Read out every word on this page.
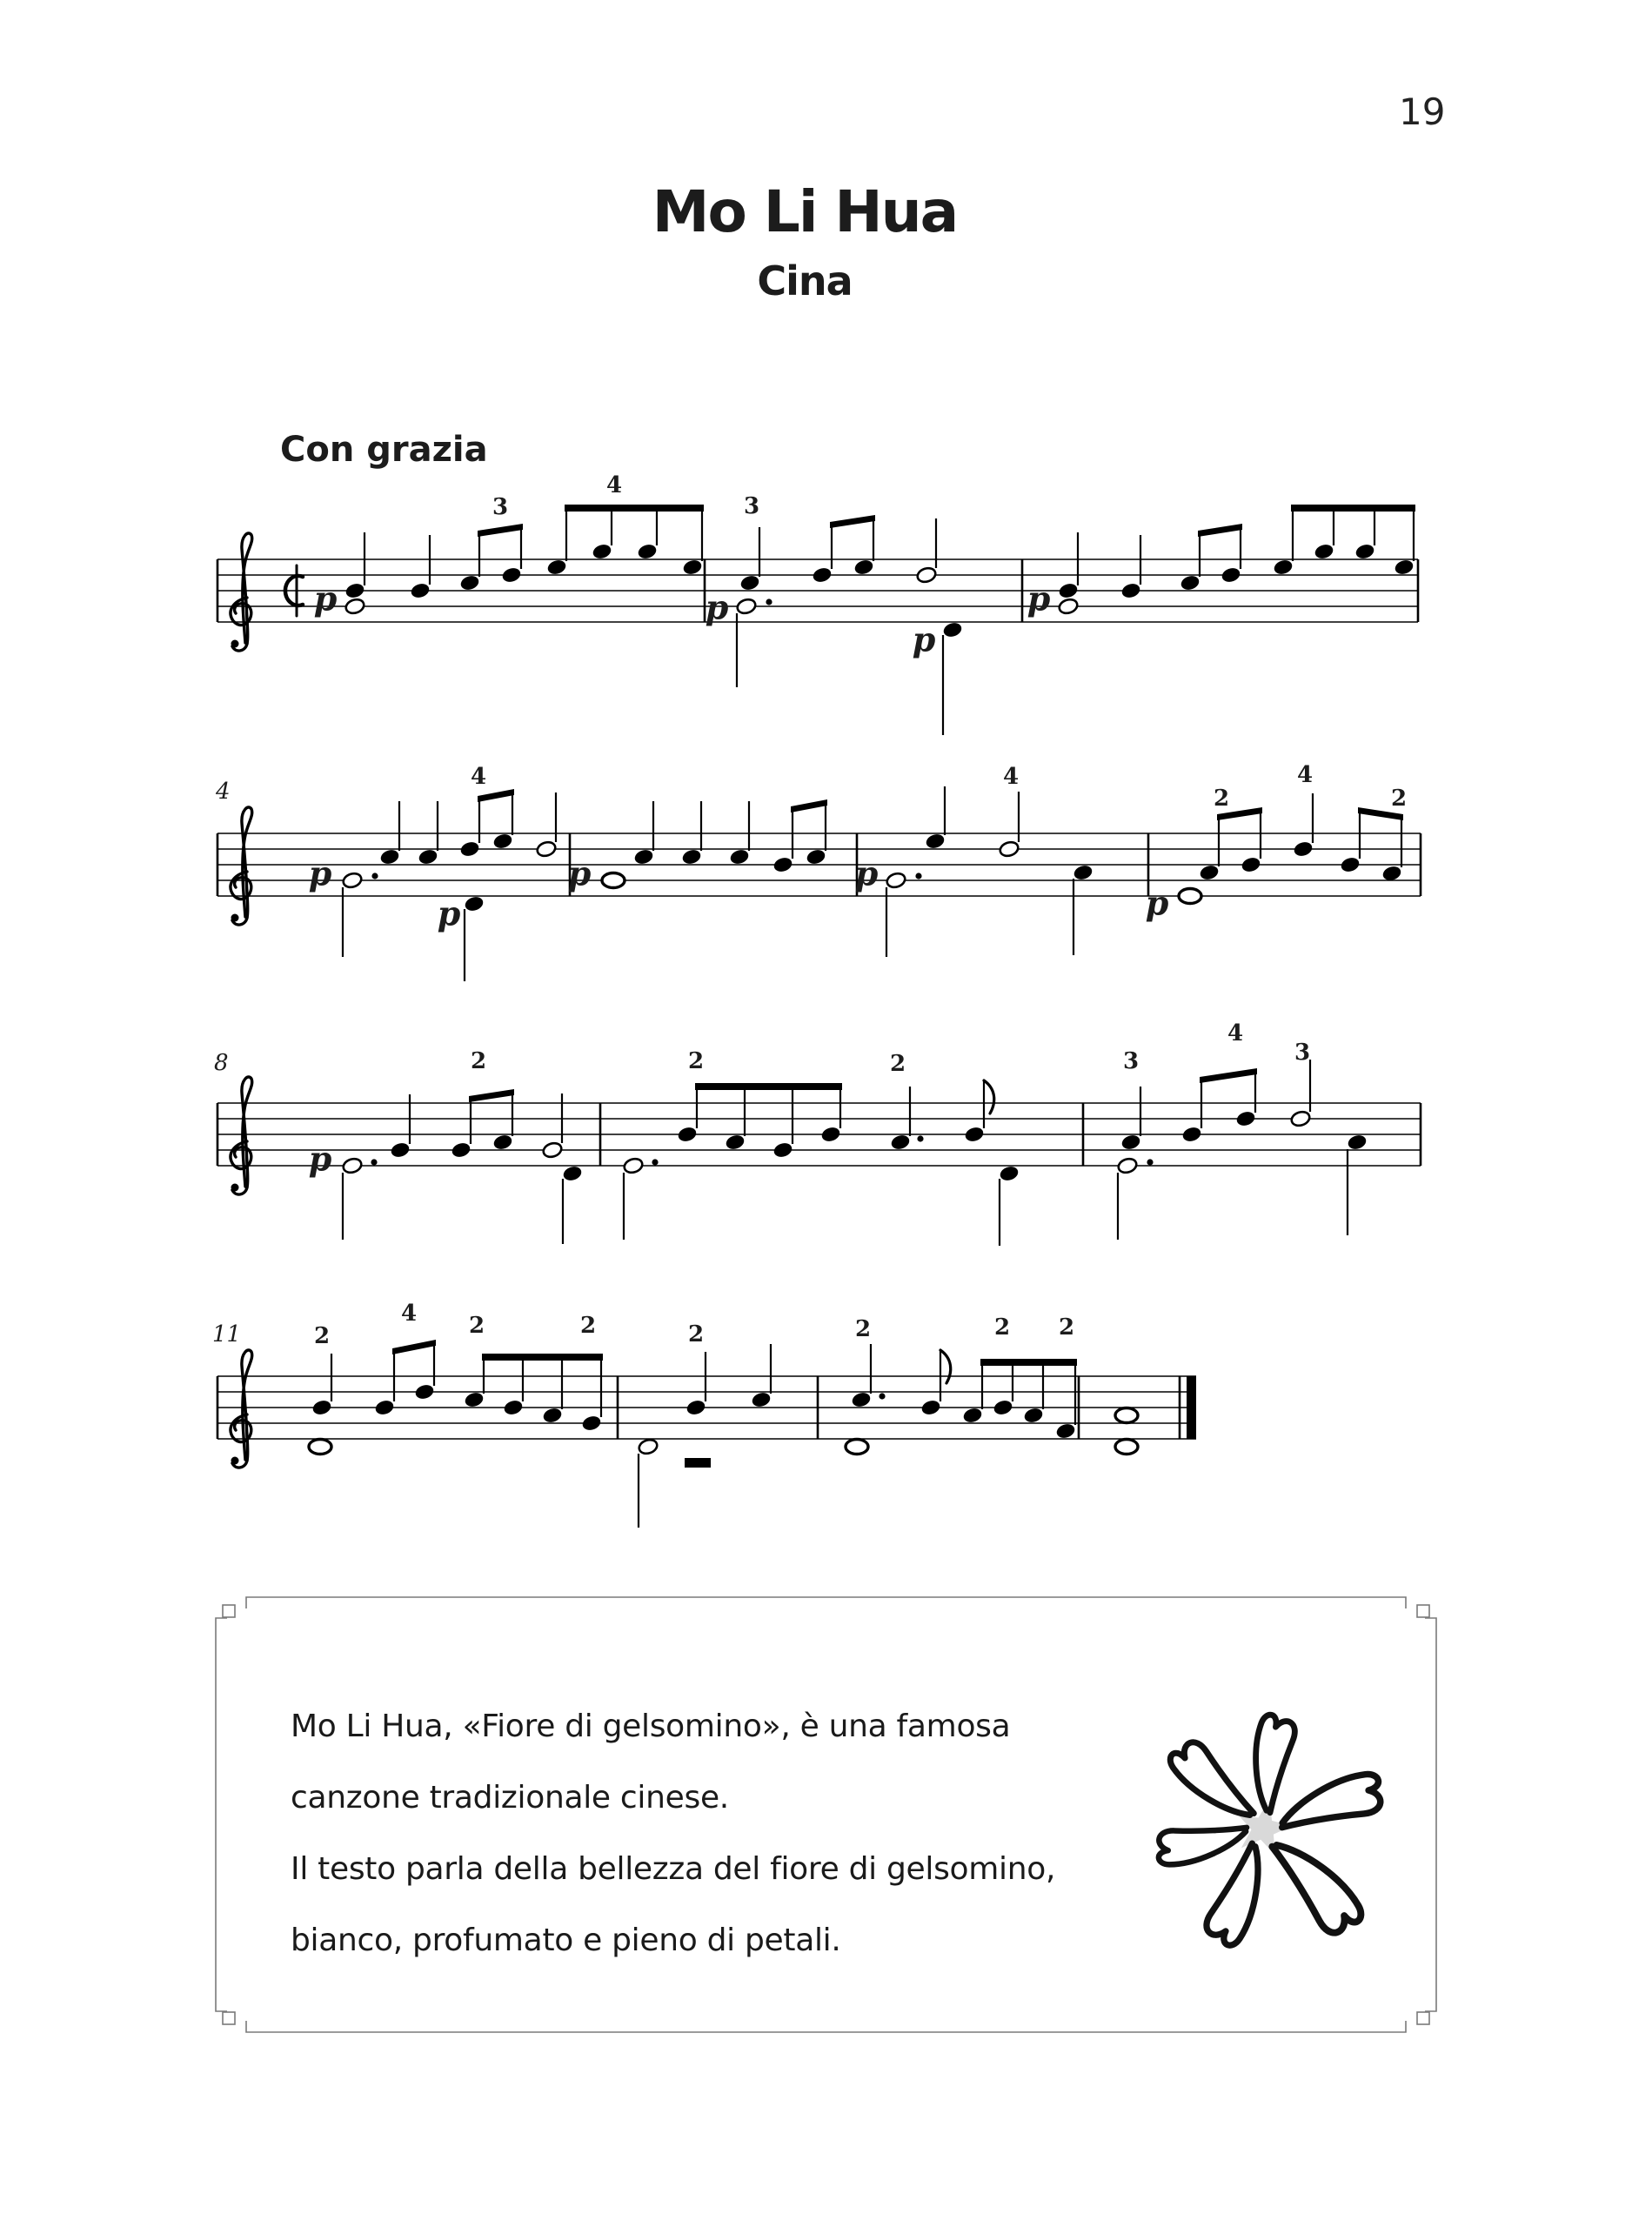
19
Mo Li Hua
Cina
Con grazia
4
8
11
3
4
3
4	4
2
4
2
2	2	2	3
4
3
2
4 2	2	2	2	2 2
p	p
p
p
p
p
p	p
p
p
Mo Li Hua, «Fiore di gelsomino», è una famosa
canzone tradizionale cinese.
Il testo parla della bellezza del fiore di gelsomino,
bianco, profumato e pieno di petali.
